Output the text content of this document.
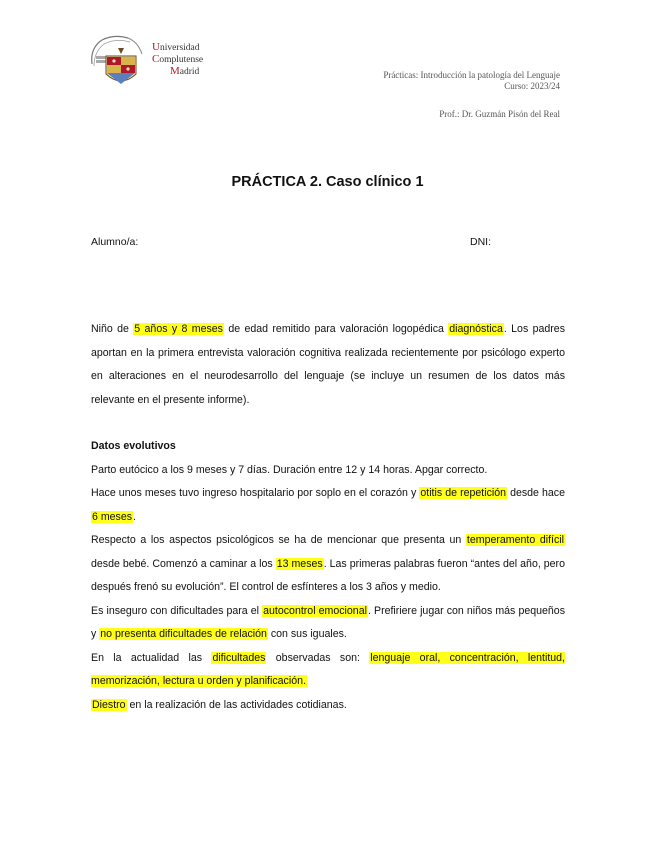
Universidad
Complutense
Madrid	Prácticas: Introducción la patología del Lenguaje
Curso: 2023/24
Prof.: Dr. Guzmán Pisón del Real
PRÁCTICA 2. Caso clínico 1
Alumno/a:	DNI:

Niño de 5 años y 8 meses de edad remitido para valoración logopédica diagnóstica. Los padres aportan en la primera entrevista valoración cognitiva realizada recientemente por psicólogo experto en alteraciones en el neurodesarrollo del lenguaje (se incluye un resumen de los datos más relevante en el presente informe).

Datos evolutivos
Parto eutócico a los 9 meses y 7 días. Duración entre 12 y 14 horas. Apgar correcto.
Hace unos meses tuvo ingreso hospitalario por soplo en el corazón y otitis de repetición desde hace 6 meses.
Respecto a los aspectos psicológicos se ha de mencionar que presenta un temperamento difícil desde bebé. Comenzó a caminar a los 13 meses. Las primeras palabras fueron “antes del año, pero después frenó su evolución”. El control de esfínteres a los 3 años y medio.
Es inseguro con dificultades para el autocontrol emocional. Prefiriere jugar con niños más pequeños y no presenta dificultades de relación con sus iguales.
En la actualidad las dificultades observadas son: lenguaje oral, concentración, lentitud, memorización, lectura u orden y planificación.
Diestro en la realización de las actividades cotidianas.
